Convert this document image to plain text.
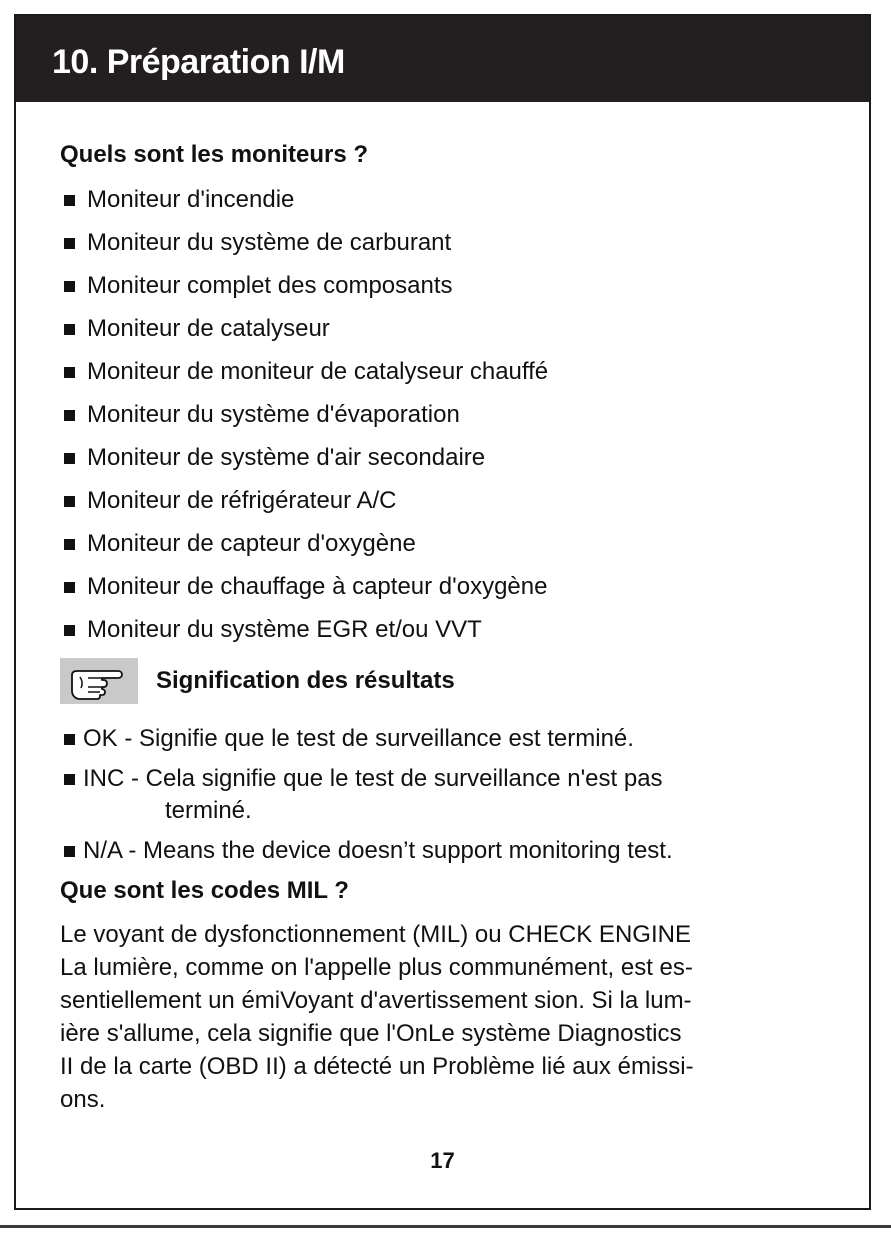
10. Préparation I/M
Quels sont les moniteurs ?
Moniteur d'incendie
Moniteur du système de carburant
Moniteur complet des composants
Moniteur de catalyseur
Moniteur de moniteur de catalyseur chauffé
Moniteur du système d'évaporation
Moniteur de système d'air secondaire
Moniteur de réfrigérateur A/C
Moniteur de capteur d'oxygène
Moniteur de chauffage à capteur d'oxygène
Moniteur du système EGR et/ou VVT
Signification des résultats
OK - Signifie que le test de surveillance est terminé.
INC - Cela signifie que le test de surveillance n'est pas
terminé.
N/A - Means the device doesn’t support monitoring test.
Que sont les codes MIL ?
Le voyant de dysfonctionnement (MIL) ou CHECK ENGINE
La lumière, comme on l'appelle plus communément, est es-
sentiellement un émiVoyant d'avertissement sion. Si la lum-
ière s'allume, cela signifie que l'OnLe système Diagnostics
II de la carte (OBD II) a détecté un Problème lié aux émissi-
ons.
17
